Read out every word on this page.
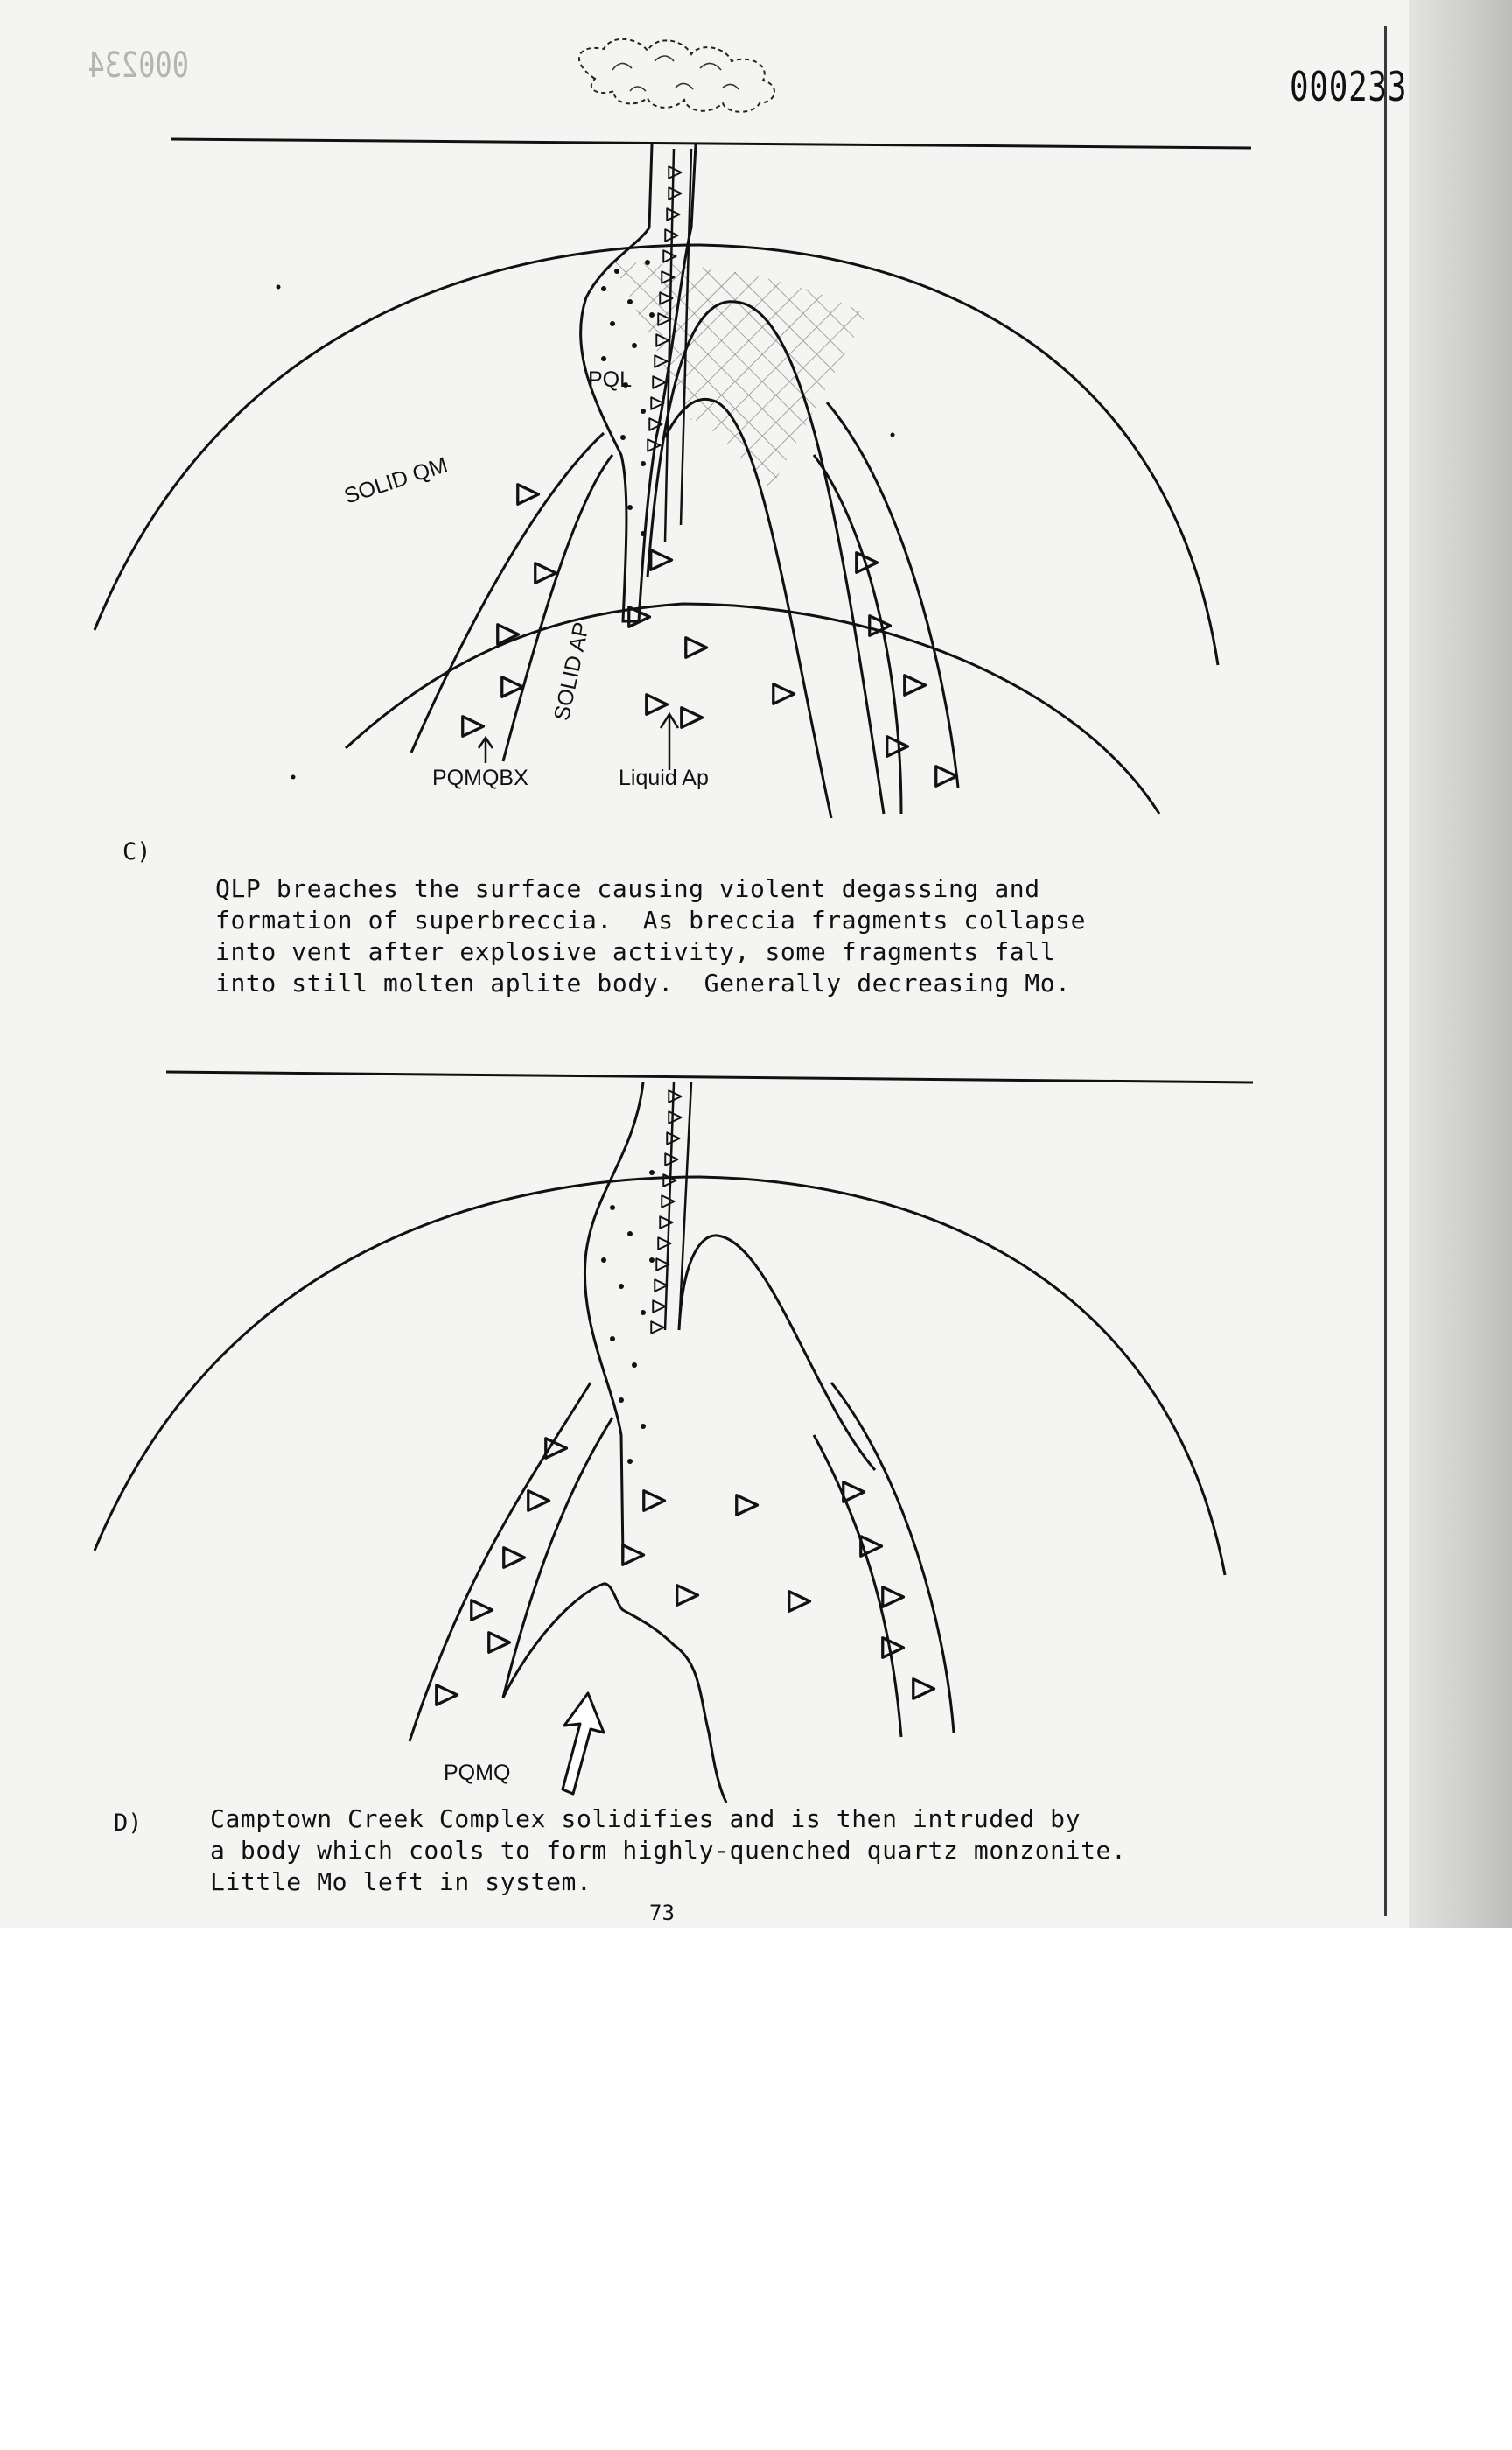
000234	000233
PQL
SOLID QM
SOLID AP
PQMQBX	Liquid Ap
C)
QLP breaches the surface causing violent degassing and
formation of superbreccia.  As breccia fragments collapse
into vent after explosive activity, some fragments fall
into still molten aplite body.  Generally decreasing Mo.
PQMQ
D)	Camptown Creek Complex solidifies and is then intruded by
a body which cools to form highly-quenched quartz monzonite.
Little Mo left in system.
73
